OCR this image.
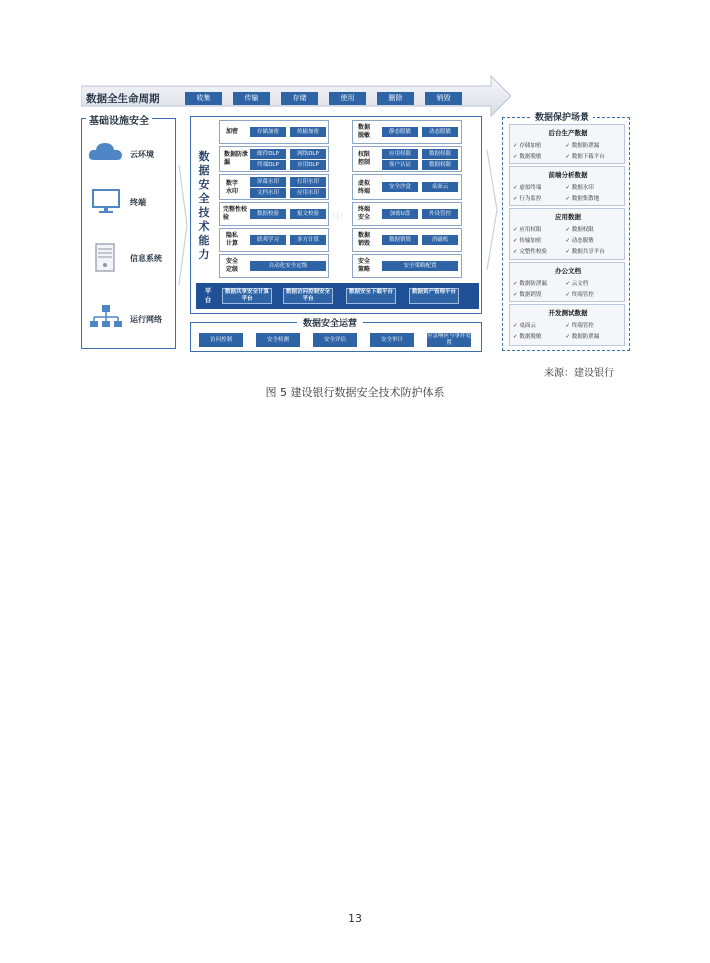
数据全生命周期	收集	传输	存储	使用	删除	销毁
基础设施安全
云环境
终端
信息系统
运行网络
数据安全技术能力
中
加密	存储加密	传输加密
数据防泄漏
邮件DLP	网络DLP
终端DLP	应用DLP
数字水印
屏幕水印	打印水印
文档水印	应用水印
完整性校验	数据校验	报文校验
隐私计算	联邦学习	多方计算
安全定级	自动化安全定级
数据脱敏	静态脱敏	动态脱敏
权限控制
应用权限	数据权限
客户认证	数据权限
虚拟终端
安全沙盒	桌面云
终端安全	加密U盘	外设管控
数据销毁	数据销毁	消磁机
安全策略	安全策略配置
平台
数据共享安全计算平台
数据访问控制安全平台
数据安全下载平台	数据资产管理平台
数据安全运营
访问控制	安全检测	安全评估	安全审计
应急响应与事件处置
数据保护场景
后台生产数据
✓ 存储加密	✓ 数据防泄漏
✓ 数据脱敏	✓ 数据下载平台
前端分析数据
✓ 虚拟终端	✓ 数据水印
✓ 行为监控	✓ 数据集散地
应用数据
✓ 应用权限	✓ 数据权限
✓ 传输加密	✓ 动态脱敏
✓ 完整性校验	✓ 数据共享平台
办公文档
✓ 数据防泄漏	✓ 云文档
✓ 数据销毁	✓ 终端管控
开发测试数据
✓ 桌面云	✓ 终端管控
✓ 数据脱敏	✓ 数据防泄漏
来源：建设银行
图 5 建设银行数据安全技术防护体系
13
